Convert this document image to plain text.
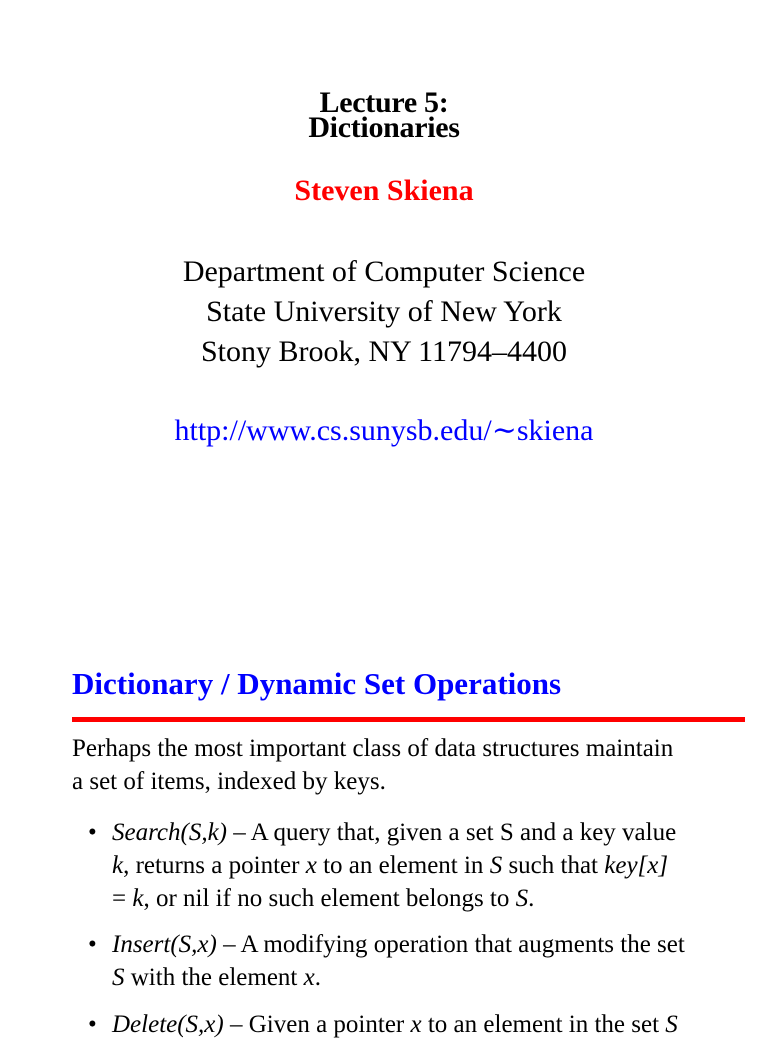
Lecture 5:
Dictionaries
Steven Skiena
Department of Computer Science
State University of New York
Stony Brook, NY 11794–4400
http://www.cs.sunysb.edu/∼skiena
Dictionary / Dynamic Set Operations
Perhaps the most important class of data structures maintain
a set of items, indexed by keys.
• Search(S,k) – A query that, given a set S and a key value
k, returns a pointer x to an element in S such that key[x]
= k, or nil if no such element belongs to S.
• Insert(S,x) – A modifying operation that augments the set
S with the element x.
• Delete(S,x) – Given a pointer x to an element in the set S
